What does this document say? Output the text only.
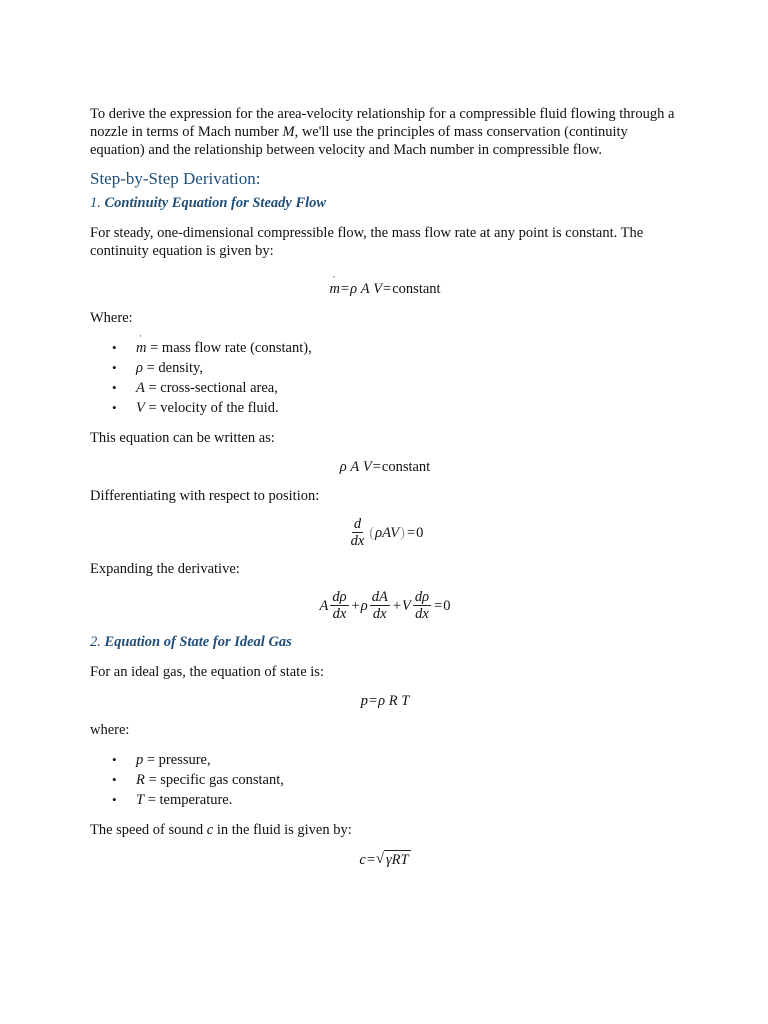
To derive the expression for the area-velocity relationship for a compressible fluid flowing through a nozzle in terms of Mach number M, we'll use the principles of mass conservation (continuity equation) and the relationship between velocity and Mach number in compressible flow.

Step-by-Step Derivation:
1. Continuity Equation for Steady Flow

For steady, one-dimensional compressible flow, the mass flow rate at any point is constant. The continuity equation is given by:

· m = ρ
A
V = constant

Where:

• · m = mass flow rate (constant),
• ρ = density,
• A = cross-sectional area,
• V = velocity of the fluid.

This equation can be written as:

ρ
A
V = constant

Differentiating with respect to position:

$\frac{d}{dx}$ ( ρAV ) = 0

Expanding the derivative:

A $\frac{d\rho}{dx} + \rho \frac{dA}{dx} + V \frac{d\rho}{dx} = 0$
2. Equation of State for Ideal Gas

For an ideal gas, the equation of state is:

p = ρ
R
T

where:

• p = pressure,
• R = specific gas constant,
• T = temperature.

The speed of sound c in the fluid is given by:

c = √ γRT
